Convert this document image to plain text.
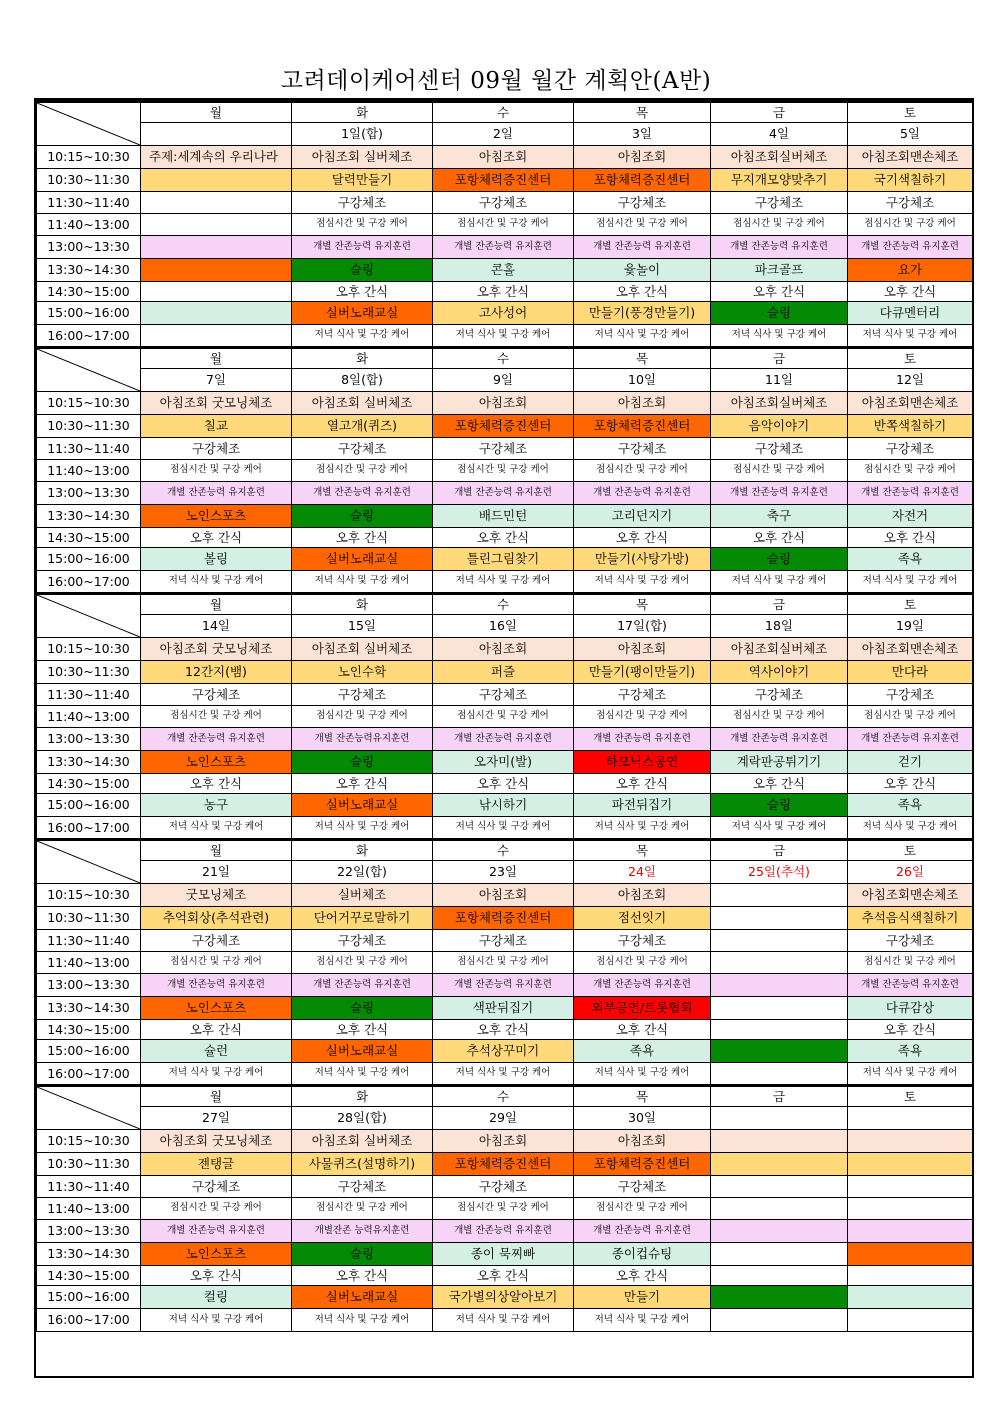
고려데이케어센터 09월 월간 계획안(A반)
	월	화	수	목	금	토
		1일(합)	2일	3일	4일	5일
10:15~10:30	주제:세계속의 우리나라	아침조회 실버체조	아침조회	아침조회	아침조회실버체조	아침조회맨손체조
10:30~11:30		달력만들기	포항체력증진센터	포항체력증진센터	무지개모양맞추기	국기색칠하기
11:30~11:40		구강체조	구강체조	구강체조	구강체조	구강체조
11:40~13:00		점심시간 및 구강 케어	점심시간 및 구강 케어	점심시간 및 구강 케어	점심시간 및 구강 케어	점심시간 및 구강 케어
13:00~13:30		개별 잔존능력 유지훈련	개별 잔존능력 유지훈련	개별 잔존능력 유지훈련	개별 잔존능력 유지훈련	개별 잔존능력 유지훈련
13:30~14:30		슬링	콘홀	윷놀이	파크골프	요가
14:30~15:00		오후 간식	오후 간식	오후 간식	오후 간식	오후 간식
15:00~16:00		실버노래교실	고사성어	만들기(풍경만들기)	슬링	다큐멘터리
16:00~17:00		저녁 식사 및 구강 케어	저녁 식사 및 구강 케어	저녁 식사 및 구강 케어	저녁 식사 및 구강 케어	저녁 식사 및 구강 케어

	월	화	수	목	금	토
	7일	8일(합)	9일	10일	11일	12일
10:15~10:30	아침조회 굿모닝체조	아침조회 실버체조	아침조회	아침조회	아침조회실버체조	아침조회맨손체조
10:30~11:30	칠교	열고개(퀴즈)	포항체력증진센터	포항체력증진센터	음악이야기	반쪽색칠하기
11:30~11:40	구강체조	구강체조	구강체조	구강체조	구강체조	구강체조
11:40~13:00	점심시간 및 구강 케어	점심시간 및 구강 케어	점심시간 및 구강 케어	점심시간 및 구강 케어	점심시간 및 구강 케어	점심시간 및 구강 케어
13:00~13:30	개별 잔존능력 유지훈련	개별 잔존능력 유지훈련	개별 잔존능력 유지훈련	개별 잔존능력 유지훈련	개별 잔존능력 유지훈련	개별 잔존능력 유지훈련
13:30~14:30	노인스포츠	슬링	배드민턴	고리던지기	축구	자전거
14:30~15:00	오후 간식	오후 간식	오후 간식	오후 간식	오후 간식	오후 간식
15:00~16:00	볼링	실버노래교실	틀린그림찾기	만들기(사탕가방)	슬링	족욕
16:00~17:00	저녁 식사 및 구강 케어	저녁 식사 및 구강 케어	저녁 식사 및 구강 케어	저녁 식사 및 구강 케어	저녁 식사 및 구강 케어	저녁 식사 및 구강 케어

	월	화	수	목	금	토
	14일	15일	16일	17일(합)	18일	19일
10:15~10:30	아침조회 굿모닝체조	아침조회 실버체조	아침조회	아침조회	아침조회실버체조	아침조회맨손체조
10:30~11:30	12간지(뱀)	노인수학	퍼즐	만들기(팽이만들기)	역사이야기	만다라
11:30~11:40	구강체조	구강체조	구강체조	구강체조	구강체조	구강체조
11:40~13:00	점심시간 및 구강 케어	점심시간 및 구강 케어	점심시간 및 구강 케어	점심시간 및 구강 케어	점심시간 및 구강 케어	점심시간 및 구강 케어
13:00~13:30	개별 잔존능력 유지훈련	개별 잔존능력유지훈련	개별 잔존능력 유지훈련	개별 잔존능력 유지훈련	개별 잔존능력 유지훈련	개별 잔존능력 유지훈련
13:30~14:30	노인스포츠	슬링	오자미(발)	하모닉스공연	계락판공튀기기	걷기
14:30~15:00	오후 간식	오후 간식	오후 간식	오후 간식	오후 간식	오후 간식
15:00~16:00	농구	실버노래교실	낚시하기	파전뒤집기	슬링	족욕
16:00~17:00	저녁 식사 및 구강 케어	저녁 식사 및 구강 케어	저녁 식사 및 구강 케어	저녁 식사 및 구강 케어	저녁 식사 및 구강 케어	저녁 식사 및 구강 케어

	월	화	수	목	금	토
	21일	22일(합)	23일	24일	25일(추석)	26일
10:15~10:30	굿모닝체조	실버체조	아침조회	아침조회		아침조회맨손체조
10:30~11:30	추억회상(추석관련)	단어거꾸로말하기	포항체력증진센터	점선잇기		추석음식색칠하기
11:30~11:40	구강체조	구강체조	구강체조	구강체조		구강체조
11:40~13:00	점심시간 및 구강 케어	점심시간 및 구강 케어	점심시간 및 구강 케어	점심시간 및 구강 케어		점심시간 및 구강 케어
13:00~13:30	개별 잔존능력 유지훈련	개별 잔존능력 유지훈련	개별 잔존능력 유지훈련	개별 잔존능력 유지훈련		개별 잔존능력 유지훈련
13:30~14:30	노인스포츠	슬링	색판뒤집기	외부공연/트롯협회		다큐감상
14:30~15:00	오후 간식	오후 간식	오후 간식	오후 간식		오후 간식
15:00~16:00	슐런	실버노래교실	추석상꾸미기	족욕		족욕
16:00~17:00	저녁 식사 및 구강 케어	저녁 식사 및 구강 케어	저녁 식사 및 구강 케어	저녁 식사 및 구강 케어		저녁 식사 및 구강 케어

	월	화	수	목	금	토
	27일	28일(합)	29일	30일		
10:15~10:30	아침조회 굿모닝체조	아침조회 실버체조	아침조회	아침조회		
10:30~11:30	젠탱글	사물퀴즈(설명하기)	포항체력증진센터	포항체력증진센터		
11:30~11:40	구강체조	구강체조	구강체조	구강체조		
11:40~13:00	점심시간 및 구강 케어	점심시간 및 구강 케어	점심시간 및 구강 케어	점심시간 및 구강 케어		
13:00~13:30	개별 잔존능력 유지훈련	개별잔존 능력유지훈련	개별 잔존능력 유지훈련	개별 잔존능력 유지훈련		
13:30~14:30	노인스포츠	슬링	종이 묵찌빠	종이컵슈팅		
14:30~15:00	오후 간식	오후 간식	오후 간식	오후 간식		
15:00~16:00	컬링	실버노래교실	국가별의상알아보기	만들기		
16:00~17:00	저녁 식사 및 구강 케어	저녁 식사 및 구강 케어	저녁 식사 및 구강 케어	저녁 식사 및 구강 케어		
